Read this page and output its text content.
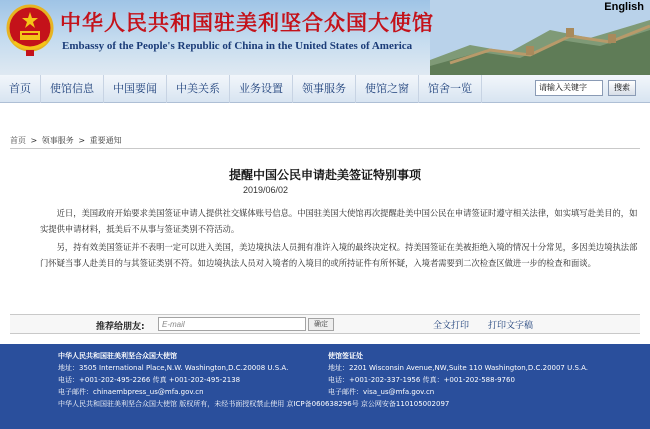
中华人民共和国驻美利坚合众国大使馆
Embassy of the People's Republic of China in the United States of America
English
首页	使馆信息	中国要闻	中美关系	业务设置	领事服务	使馆之窗	馆舍一览	请输入关键字	搜索
首页 > 领事服务 > 重要通知
提醒中国公民申请赴美签证特别事项
2019/06/02

近日，美国政府开始要求美国签证申请人提供社交媒体账号信息。中国驻美国大使馆再次提醒赴美中国公民在申请签证时遵守相关法律，如实填写赴美目的，如实提供申请材料，抵美后不从事与签证类别不符活动。

另，持有效美国签证并不表明一定可以进入美国，美边境执法人员拥有准许入境的最终决定权。持美国签证在美被拒绝入境的情况十分常见，多因美边境执法部门怀疑当事人赴美目的与其签证类别不符。如边境执法人员对入境者的入境目的或所持证件有所怀疑，入境者需要到二次检查区做进一步的检查和面谈。

推荐给朋友:	E-mail	确定	全文打印 打印文字稿
中华人民共和国驻美利坚合众国大使馆
地址：3505 International Place,N.W. Washington,D.C.20008 U.S.A.
电话：+001-202-495-2266 传真 +001-202-495-2138
电子邮件：chinaembpress_us@mfa.gov.cn
使馆签证处
地址：2201 Wisconsin Avenue,NW,Suite 110 Washington,D.C.20007 U.S.A.
电话：+001-202-337-1956 传真：+001-202-588-9760
电子邮件：visa_us@mfa.gov.cn
中华人民共和国驻美利坚合众国大使馆 版权所有，未经书面授权禁止使用 京ICP备060638296号 京公网安备110105002097
